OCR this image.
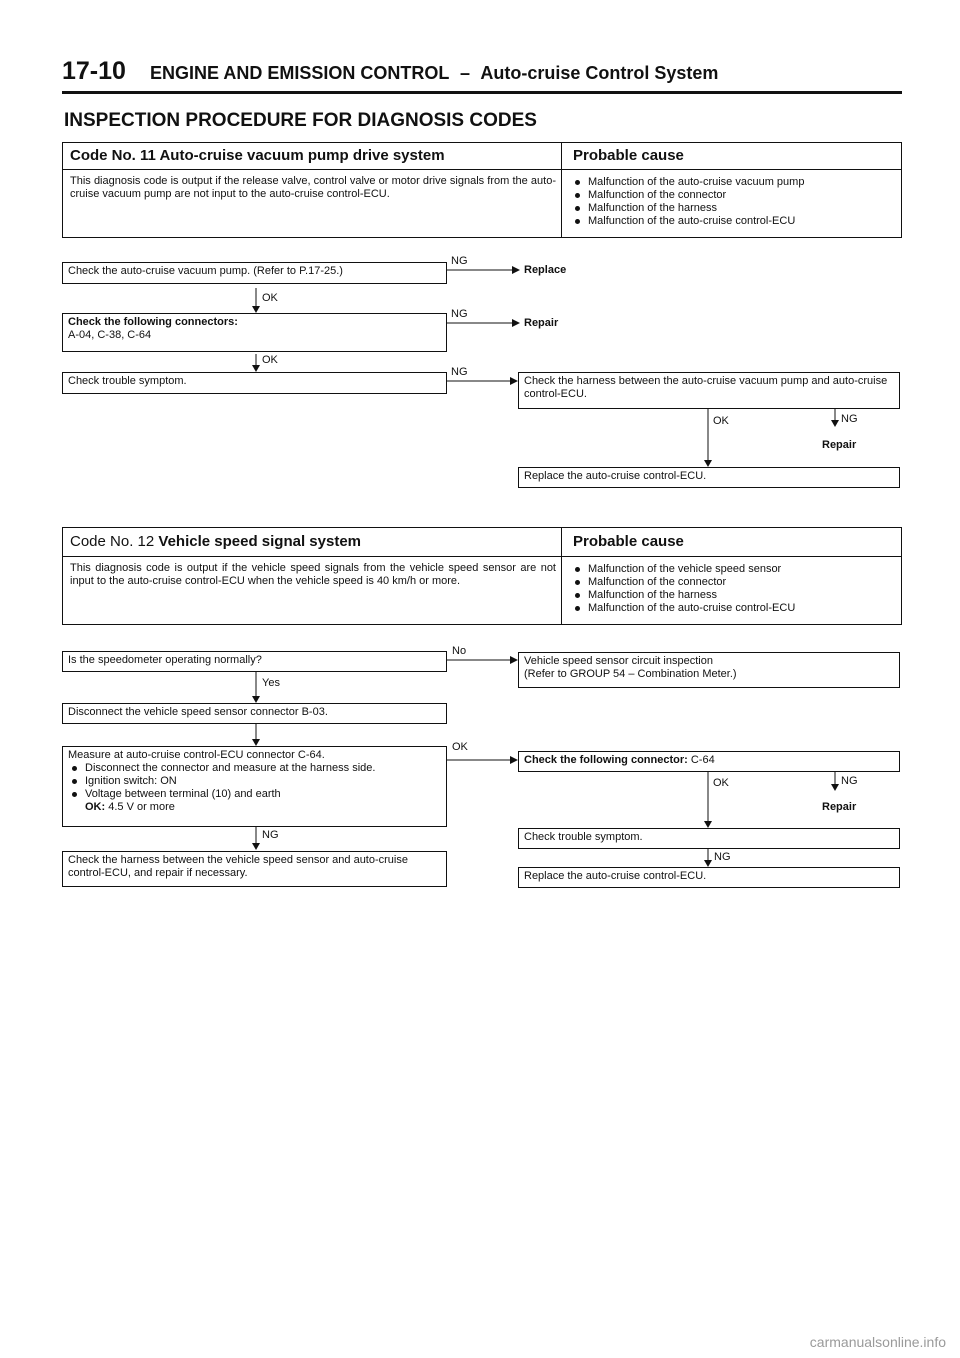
17-10 ENGINE AND EMISSION CONTROL – Auto-cruise Control System
INSPECTION PROCEDURE FOR DIAGNOSIS CODES
Code No. 11 Auto-cruise vacuum pump drive system	Probable cause
This diagnosis code is output if the release valve, control valve or motor drive signals from the auto-cruise vacuum pump are not input to the auto-cruise control-ECU.
Malfunction of the auto-cruise vacuum pump
Malfunction of the connector
Malfunction of the harness
Malfunction of the auto-cruise control-ECU
Check the auto-cruise vacuum pump. (Refer to P.17-25.)
NG
Replace
OK
Check the following connectors:
A-04, C-38, C-64
NG
Repair
OK
Check trouble symptom.
NG
Check the harness between the auto-cruise vacuum pump and auto-cruise control-ECU.
OK	NG
Repair
Replace the auto-cruise control-ECU.
Code No. 12 Vehicle speed signal system	Probable cause
This diagnosis code is output if the vehicle speed signals from the vehicle speed sensor are not input to the auto-cruise control-ECU when the vehicle speed is 40 km/h or more.
Malfunction of the vehicle speed sensor
Malfunction of the connector
Malfunction of the harness
Malfunction of the auto-cruise control-ECU
Is the speedometer operating normally?
No
Vehicle speed sensor circuit inspection
(Refer to GROUP 54 – Combination Meter.)
Yes
Disconnect the vehicle speed sensor connector B-03.
Measure at auto-cruise control-ECU connector C-64.
Disconnect the connector and measure at the harness side.
Ignition switch: ON
Voltage between terminal (10) and earth
OK: 4.5 V or more
OK
NG
Check the following connector: C-64
OK	NG
Repair
Check trouble symptom.
NG
Check the harness between the vehicle speed sensor and auto-cruise control-ECU, and repair if necessary.	Replace the auto-cruise control-ECU.
carmanualsonline.info
